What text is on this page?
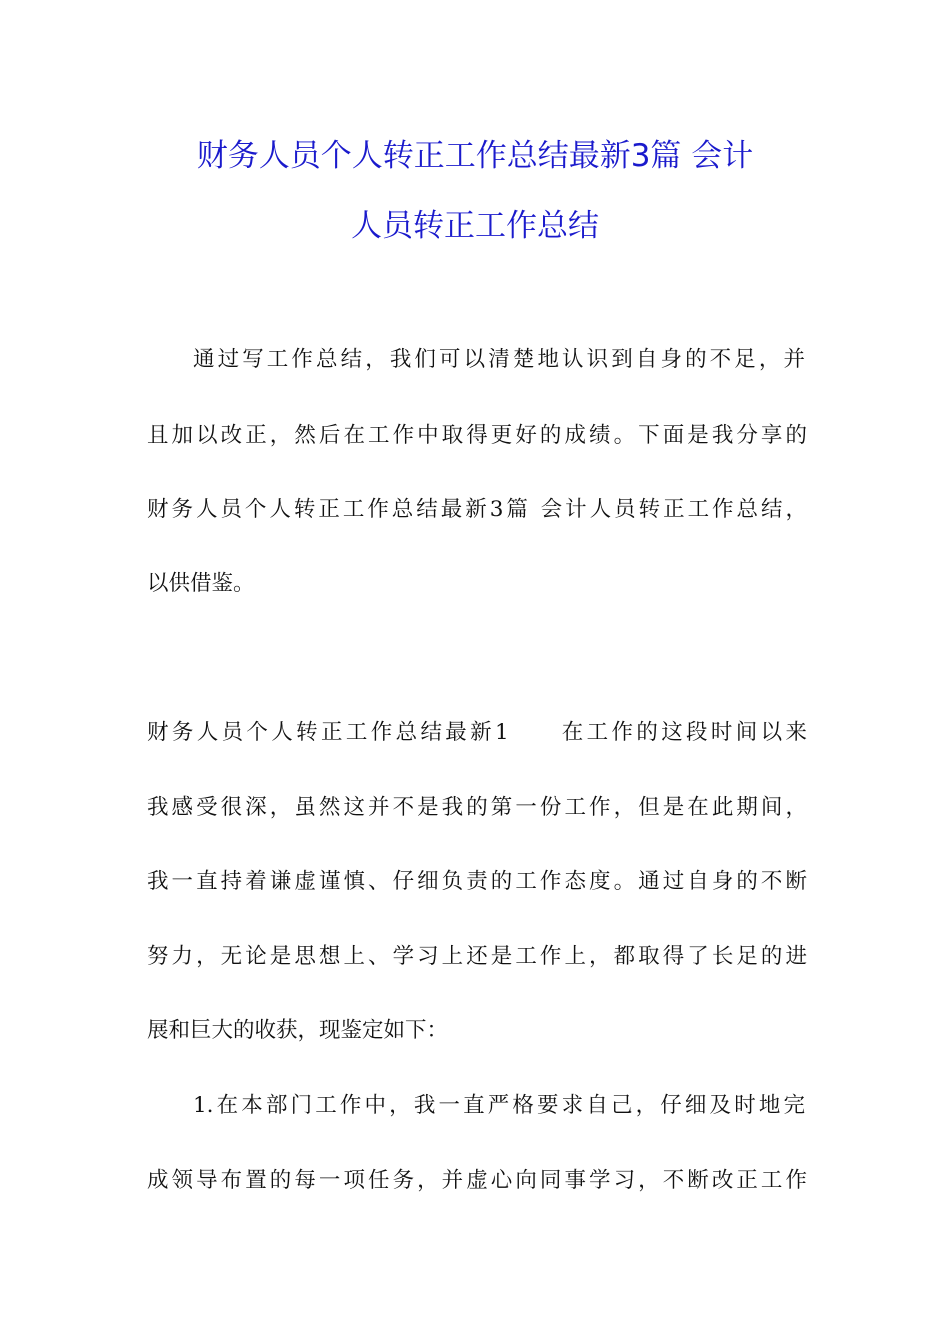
财务人员个人转正工作总结最新3篇 会计
人员转正工作总结
通过写工作总结，我们可以清楚地认识到自身的不足，并
且加以改正，然后在工作中取得更好的成绩。下面是我分享的
财务人员个人转正工作总结最新3篇 会计人员转正工作总结，
以供借鉴。
财务人员个人转正工作总结最新1　　在工作的这段时间以来
我感受很深，虽然这并不是我的第一份工作，但是在此期间，
我一直持着谦虚谨慎、仔细负责的工作态度。通过自身的不断
努力，无论是思想上、学习上还是工作上，都取得了长足的进
展和巨大的收获，现鉴定如下：
1.在本部门工作中，我一直严格要求自己，仔细及时地完
成领导布置的每一项任务，并虚心向同事学习，不断改正工作
